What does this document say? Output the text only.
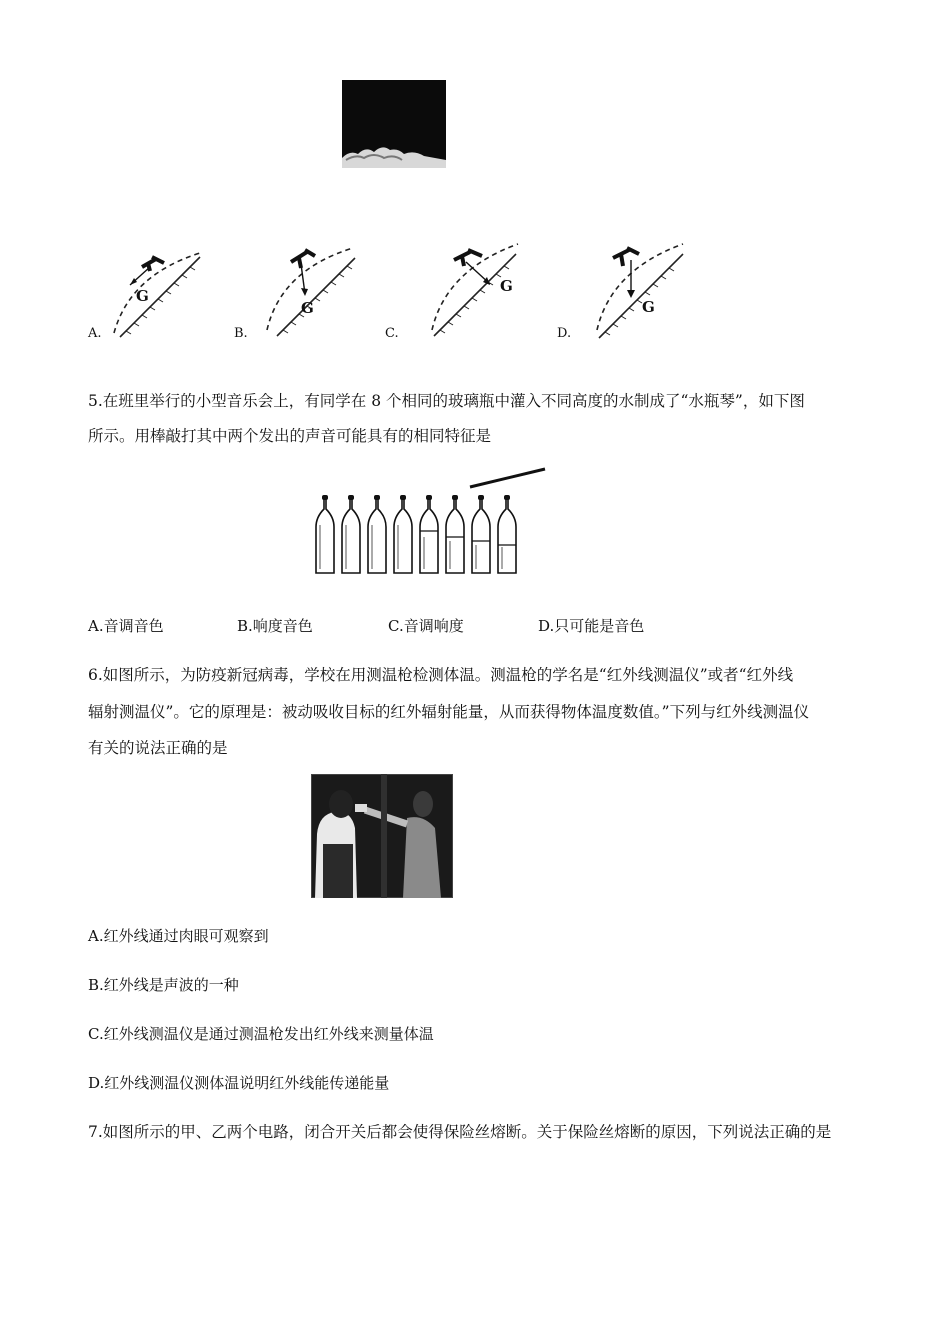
G
A.
G
B.
G
C.
G
D.
5.在班里举行的小型音乐会上，有同学在 8 个相同的玻璃瓶中灌入不同高度的水制成了“水瓶琴”，如下图
所示。用棒敲打其中两个发出的声音可能具有的相同特征是
A.音调音色	B.响度音色	C.音调响度	D.只可能是音色
6.如图所示，为防疫新冠病毒，学校在用测温枪检测体温。测温枪的学名是“红外线测温仪”或者“红外线
辐射测温仪”。它的原理是：被动吸收目标的红外辐射能量，从而获得物体温度数值。”下列与红外线测温仪
有关的说法正确的是
A.红外线通过肉眼可观察到
B.红外线是声波的一种
C.红外线测温仪是通过测温枪发出红外线来测量体温
D.红外线测温仪测体温说明红外线能传递能量
7.如图所示的甲、乙两个电路，闭合开关后都会使得保险丝熔断。关于保险丝熔断的原因，下列说法正确的是
